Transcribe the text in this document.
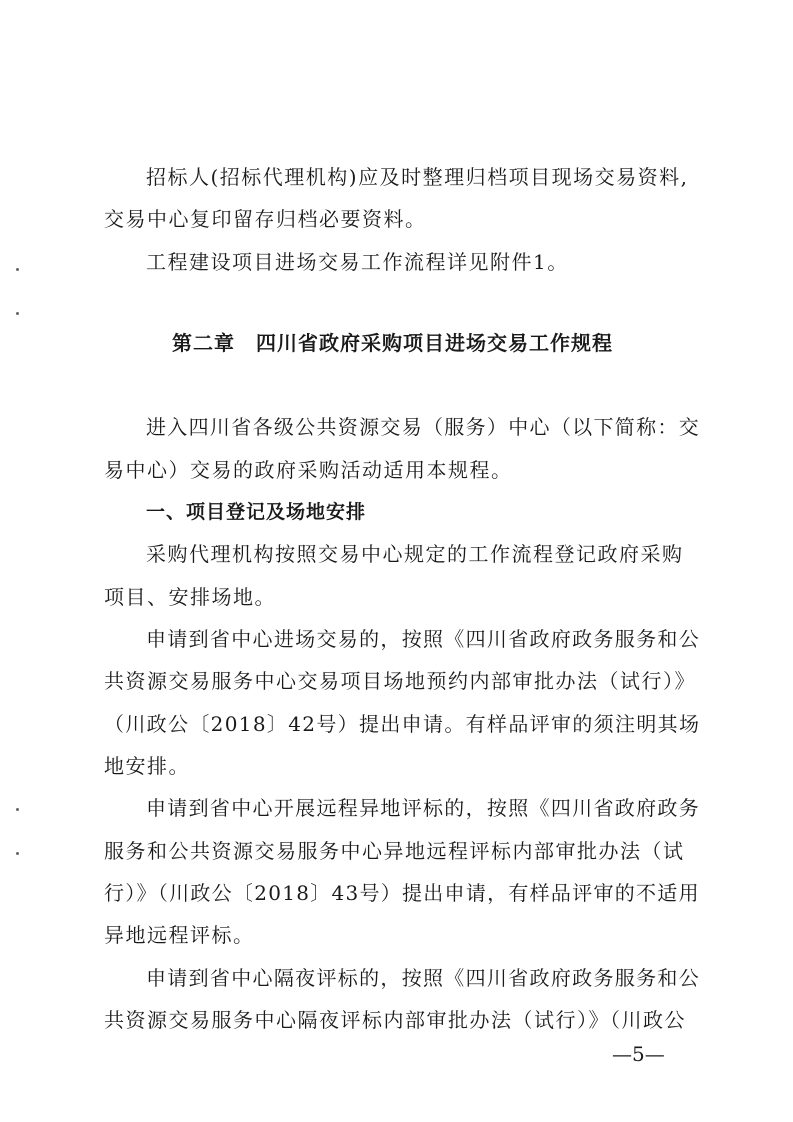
招标人(招标代理机构)应及时整理归档项目现场交易资料,
交易中心复印留存归档必要资料。
工程建设项目进场交易工作流程详见附件1。
第二章　四川省政府采购项目进场交易工作规程
进入四川省各级公共资源交易（服务）中心（以下简称：交
易中心）交易的政府采购活动适用本规程。
一、项目登记及场地安排
采购代理机构按照交易中心规定的工作流程登记政府采购
项目、安排场地。
申请到省中心进场交易的，按照《四川省政府政务服务和公
共资源交易服务中心交易项目场地预约内部审批办法（试行）》
（川政公〔2018〕42号）提出申请。有样品评审的须注明其场
地安排。
申请到省中心开展远程异地评标的，按照《四川省政府政务
服务和公共资源交易服务中心异地远程评标内部审批办法（试
行）》（川政公〔2018〕43号）提出申请，有样品评审的不适用
异地远程评标。
申请到省中心隔夜评标的，按照《四川省政府政务服务和公
共资源交易服务中心隔夜评标内部审批办法（试行）》（川政公
—5—
